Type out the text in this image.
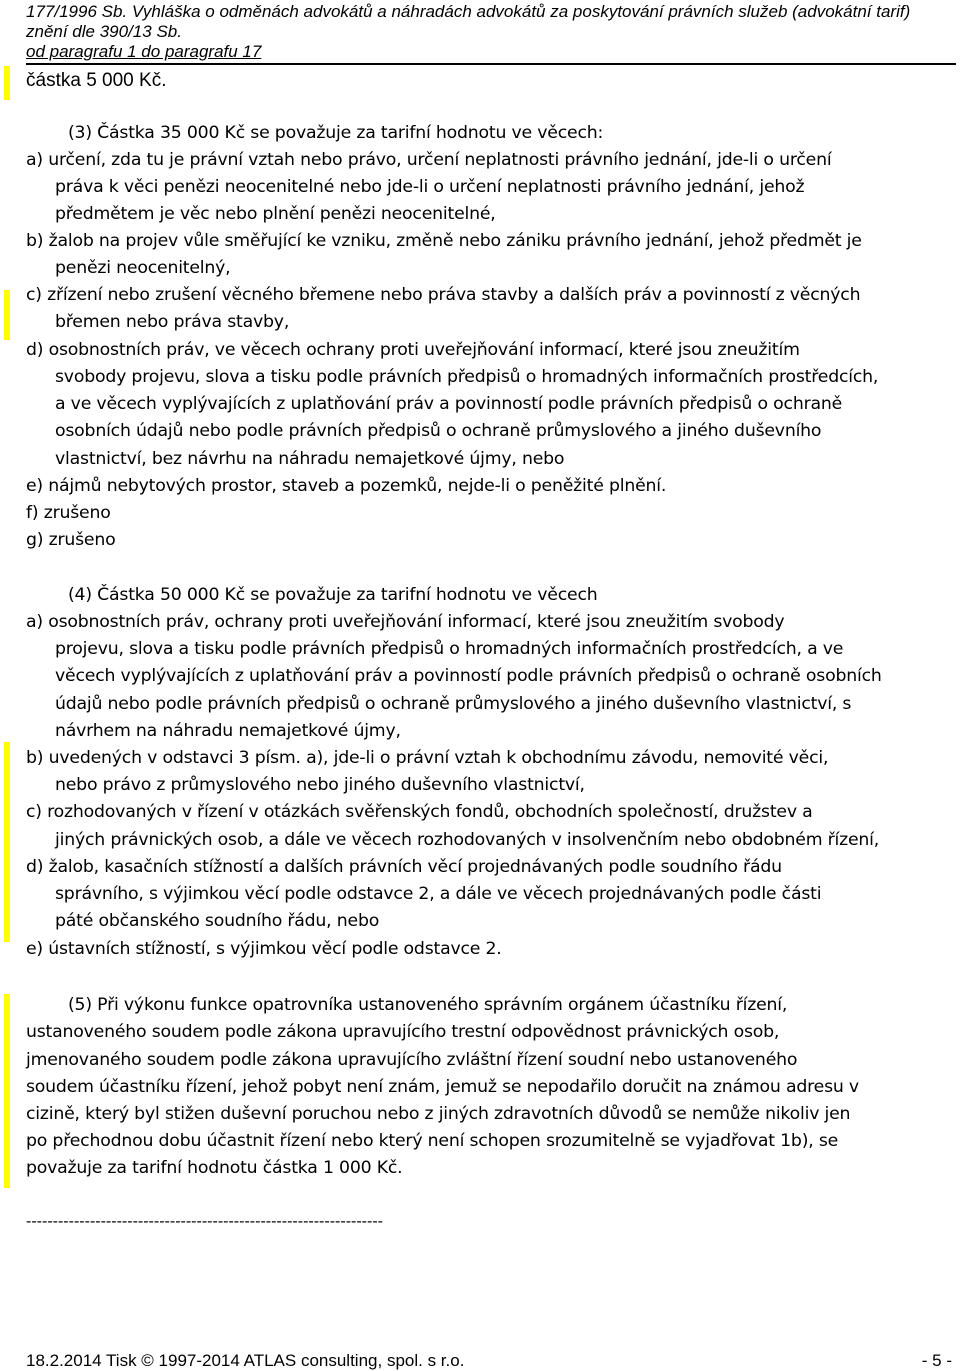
177/1996 Sb. Vyhláška o odměnách advokátů a náhradách advokátů za poskytování právních služeb (advokátní tarif)
znění dle 390/13 Sb.
od paragrafu 1 do paragrafu 17
částka 5 000 Kč.
(3) Částka 35 000 Kč se považuje za tarifní hodnotu ve věcech:
a) určení, zda tu je právní vztah nebo právo, určení neplatnosti právního jednání, jde-li o určení
práva k věci penězi neocenitelné nebo jde-li o určení neplatnosti právního jednání, jehož
předmětem je věc nebo plnění penězi neocenitelné,
b) žalob na projev vůle směřující ke vzniku, změně nebo zániku právního jednání, jehož předmět je
penězi neocenitelný,
c) zřízení nebo zrušení věcného břemene nebo práva stavby a dalších práv a povinností z věcných
břemen nebo práva stavby,
d) osobnostních práv, ve věcech ochrany proti uveřejňování informací, které jsou zneužitím
svobody projevu, slova a tisku podle právních předpisů o hromadných informačních prostředcích,
a ve věcech vyplývajících z uplatňování práv a povinností podle právních předpisů o ochraně
osobních údajů nebo podle právních předpisů o ochraně průmyslového a jiného duševního
vlastnictví, bez návrhu na náhradu nemajetkové újmy, nebo
e) nájmů nebytových prostor, staveb a pozemků, nejde-li o peněžité plnění.
f) zrušeno
g) zrušeno
(4) Částka 50 000 Kč se považuje za tarifní hodnotu ve věcech
a) osobnostních práv, ochrany proti uveřejňování informací, které jsou zneužitím svobody
projevu, slova a tisku podle právních předpisů o hromadných informačních prostředcích, a ve
věcech vyplývajících z uplatňování práv a povinností podle právních předpisů o ochraně osobních
údajů nebo podle právních předpisů o ochraně průmyslového a jiného duševního vlastnictví, s
návrhem na náhradu nemajetkové újmy,
b) uvedených v odstavci 3 písm. a), jde-li o právní vztah k obchodnímu závodu, nemovité věci,
nebo právo z průmyslového nebo jiného duševního vlastnictví,
c) rozhodovaných v řízení v otázkách svěřenských fondů, obchodních společností, družstev a
jiných právnických osob, a dále ve věcech rozhodovaných v insolvenčním nebo obdobném řízení,
d) žalob, kasačních stížností a dalších právních věcí projednávaných podle soudního řádu
správního, s výjimkou věcí podle odstavce 2, a dále ve věcech projednávaných podle části
páté občanského soudního řádu, nebo
e) ústavních stížností, s výjimkou věcí podle odstavce 2.
(5) Při výkonu funkce opatrovníka ustanoveného správním orgánem účastníku řízení,
ustanoveného soudem podle zákona upravujícího trestní odpovědnost právnických osob,
jmenovaného soudem podle zákona upravujícího zvláštní řízení soudní nebo ustanoveného
soudem účastníku řízení, jehož pobyt není znám, jemuž se nepodařilo doručit na známou adresu v
cizině, který byl stižen duševní poruchou nebo z jiných zdravotních důvodů se nemůže nikoliv jen
po přechodnou dobu účastnit řízení nebo který není schopen srozumitelně se vyjadřovat 1b), se
považuje za tarifní hodnotu částka 1 000 Kč.
-------------------------------------------------------------------
18.2.2014 Tisk © 1997-2014 ATLAS consulting, spol. s r.o.	- 5 -
